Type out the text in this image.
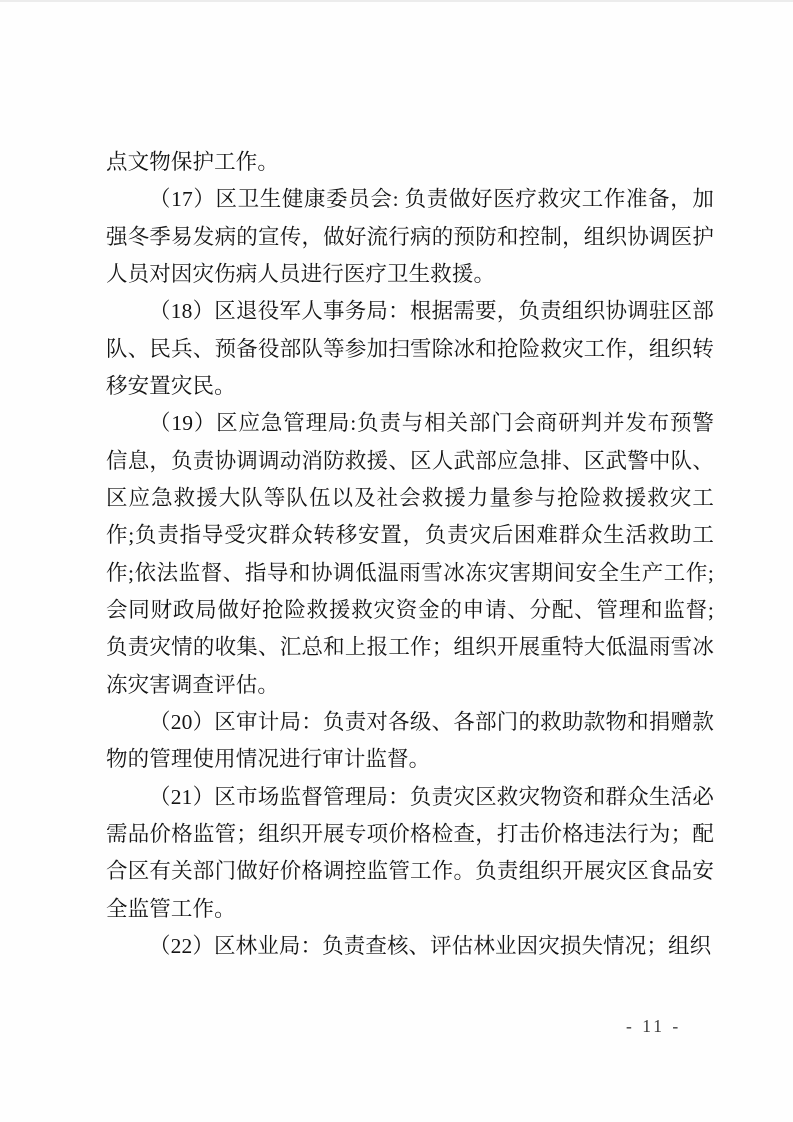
点文物保护工作。

（17）区卫生健康委员会: 负责做好医疗救灾工作准备，加强冬季易发病的宣传，做好流行病的预防和控制，组织协调医护人员对因灾伤病人员进行医疗卫生救援。

（18）区退役军人事务局：根据需要，负责组织协调驻区部队、民兵、预备役部队等参加扫雪除冰和抢险救灾工作，组织转移安置灾民。

（19）区应急管理局:负责与相关部门会商研判并发布预警信息，负责协调调动消防救援、区人武部应急排、区武警中队、区应急救援大队等队伍以及社会救援力量参与抢险救援救灾工作;负责指导受灾群众转移安置，负责灾后困难群众生活救助工作;依法监督、指导和协调低温雨雪冰冻灾害期间安全生产工作;会同财政局做好抢险救援救灾资金的申请、分配、管理和监督;负责灾情的收集、汇总和上报工作；组织开展重特大低温雨雪冰冻灾害调查评估。

（20）区审计局：负责对各级、各部门的救助款物和捐赠款物的管理使用情况进行审计监督。

（21）区市场监督管理局：负责灾区救灾物资和群众生活必需品价格监管；组织开展专项价格检查，打击价格违法行为；配合区有关部门做好价格调控监管工作。负责组织开展灾区食品安全监管工作。

（22）区林业局：负责查核、评估林业因灾损失情况；组织

- 11 -
